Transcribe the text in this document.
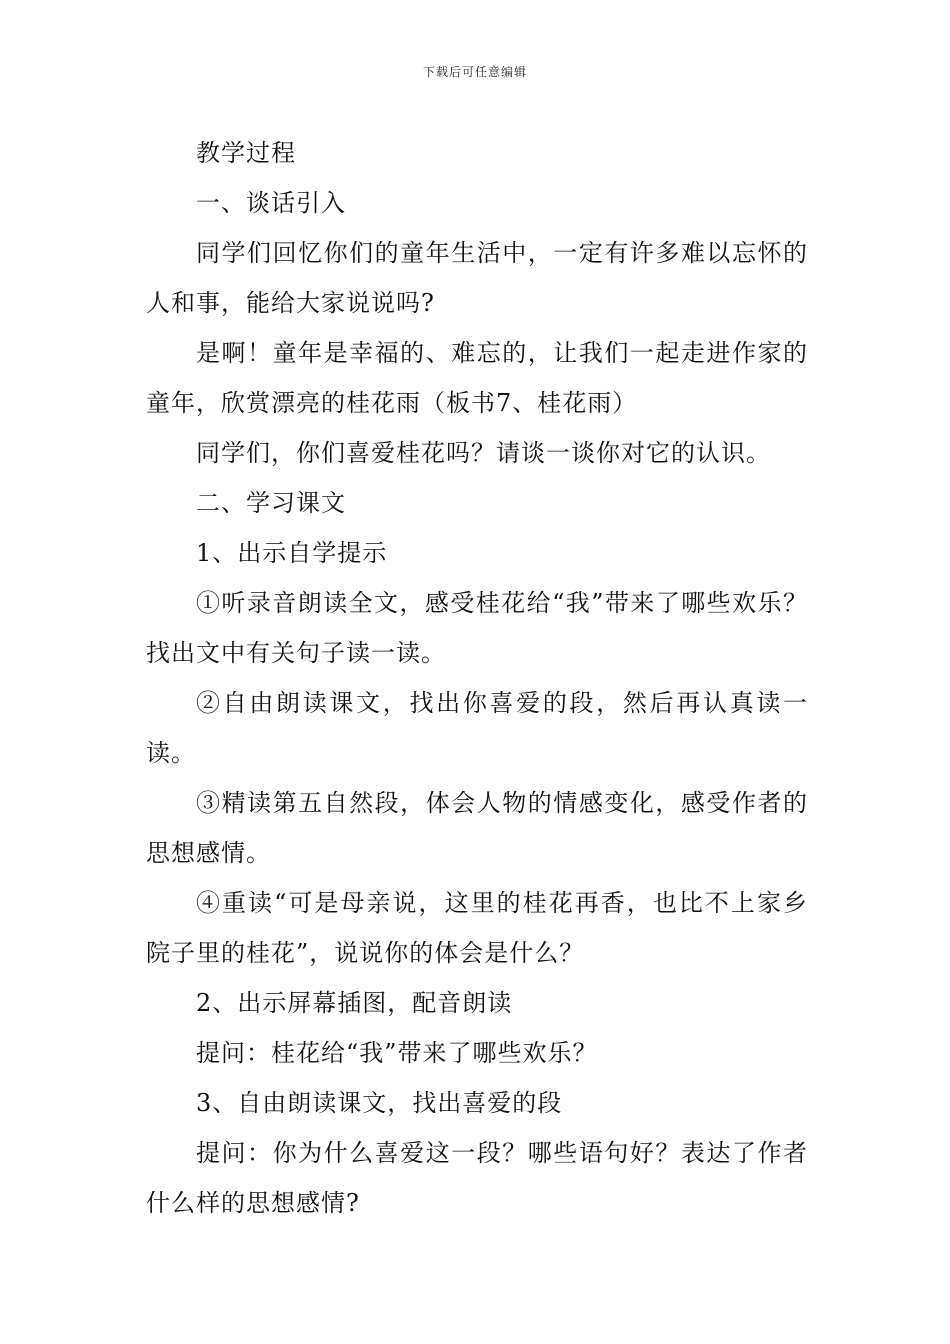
下载后可任意编辑

教学过程

一、谈话引入

同学们回忆你们的童年生活中，一定有许多难以忘怀的人和事，能给大家说说吗?

是啊！童年是幸福的、难忘的，让我们一起走进作家的童年，欣赏漂亮的桂花雨（板书7、桂花雨）

同学们，你们喜爱桂花吗？请谈一谈你对它的认识。

二、学习课文

1、出示自学提示

①听录音朗读全文，感受桂花给“我”带来了哪些欢乐？找出文中有关句子读一读。

②自由朗读课文，找出你喜爱的段，然后再认真读一读。

③精读第五自然段，体会人物的情感变化，感受作者的思想感情。

④重读“可是母亲说，这里的桂花再香，也比不上家乡院子里的桂花”，说说你的体会是什么？

2、出示屏幕插图，配音朗读

提问：桂花给“我”带来了哪些欢乐？

3、自由朗读课文，找出喜爱的段

提问：你为什么喜爱这一段？哪些语句好？表达了作者什么样的思想感情?
